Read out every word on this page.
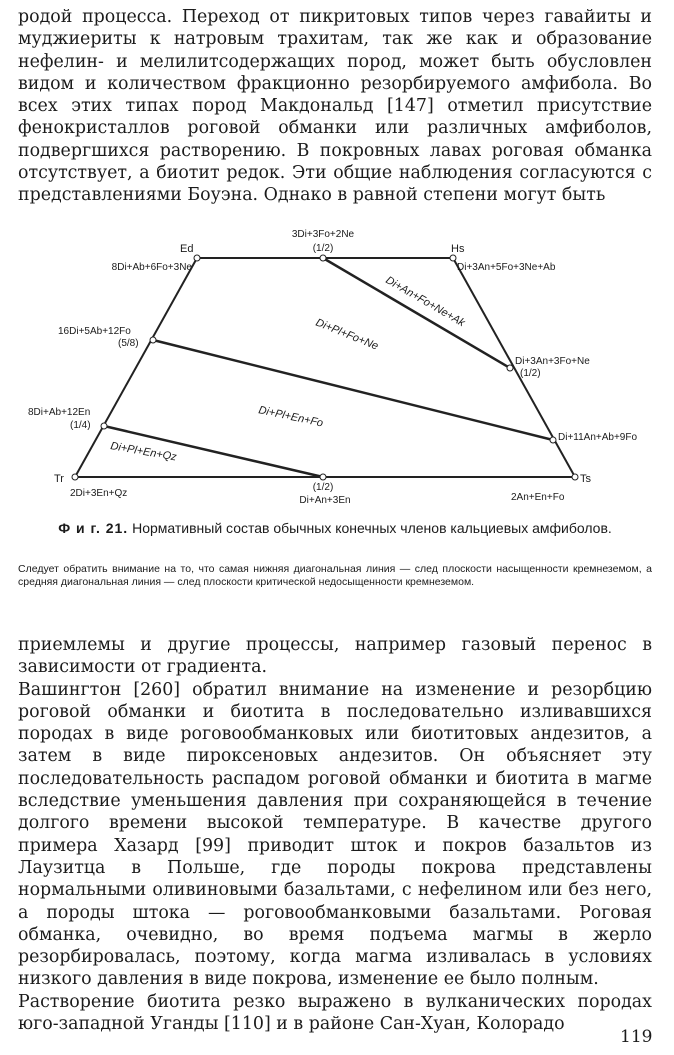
родой процесса. Переход от пикритовых типов через гавайиты и муджиериты к натровым трахитам, так же как и образование нефелин- и мелилитсодержащих пород, может быть обусловлен видом и количеством фракционно резорбируемого амфибола. Во всех этих типах пород Макдональд [147] отметил присутствие фенокристаллов роговой обманки или различных амфиболов, подвергшихся растворению. В покровных лавах роговая обманка отсутствует, а биотит редок. Эти общие наблюдения согласуются с представлениями Боуэна. Однако в равной степени могут быть
Ed
8Di+Ab+6Fo+3Ne
3Di+3Fo+2Ne
(1/2)	Hs
Di+3An+5Fo+3Ne+Ab
16Di+5Ab+12Fo
(5/8)
Di+3An+3Fo+Ne
(1/2)
8Di+Ab+12En
(1/4)
Di+11An+Ab+9Fo
Tr
2Di+3En+Qz
(1/2)
Di+An+3En
Ts
2An+En+Fo
Di+An+Fo+Ne+Ak
Di+Pl+Fo+Ne
Di+Pl+En+Fo
Di+Pl+En+Qz
Ф и г. 21. Нормативный состав обычных конечных членов кальциевых амфиболов.
Следует обратить внимание на то, что самая нижняя диагональная линия — след плоскости насыщенности кремнеземом, а средняя диагональная линия — след плоскости критической недосыщенности кремнеземом.
приемлемы и другие процессы, например газовый перенос в зависимости от градиента.
Вашингтон [260] обратил внимание на изменение и резорбцию роговой обманки и биотита в последовательно изливавшихся породах в виде роговообманковых или биотитовых андезитов, а затем в виде пироксеновых андезитов. Он объясняет эту последовательность распадом роговой обманки и биотита в магме вследствие уменьшения давления при сохраняющейся в течение долгого времени высокой температуре. В качестве другого примера Хазард [99] приводит шток и покров базальтов из Лаузитца в Польше, где породы покрова представлены нормальными оливиновыми базальтами, с нефелином или без него, а породы штока — роговообманковыми базальтами. Роговая обманка, очевидно, во время подъема магмы в жерло резорбировалась, поэтому, когда магма изливалась в условиях низкого давления в виде покрова, изменение ее было полным.
Растворение биотита резко выражено в вулканических породах юго-западной Уганды [110] и в районе Сан-Хуан, Колорадо
119
